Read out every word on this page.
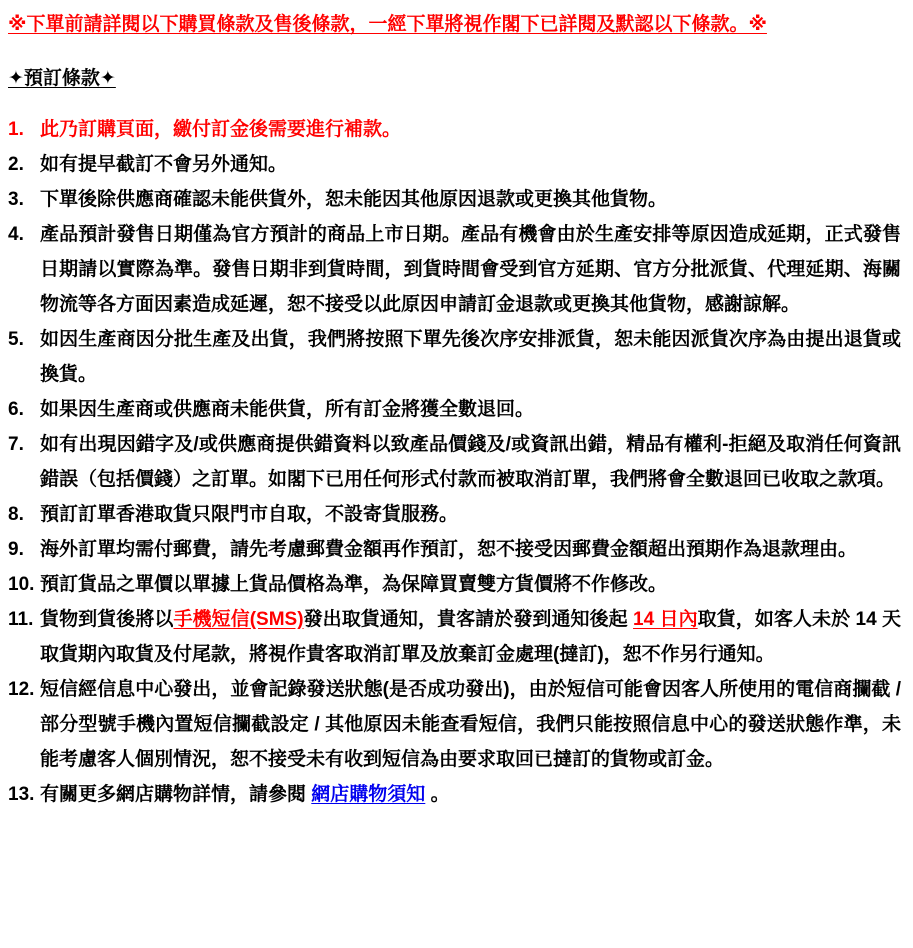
※下單前請詳閱以下購買條款及售後條款，一經下單將視作閣下已詳閱及默認以下條款。※
✦預訂條款✦
1. 此乃訂購頁面，繳付訂金後需要進行補款。
2. 如有提早截訂不會另外通知。
3. 下單後除供應商確認未能供貨外，恕未能因其他原因退款或更換其他貨物。
4. 產品預計發售日期僅為官方預計的商品上市日期。產品有機會由於生產安排等原因造成延期，正式發售日期請以實際為準。發售日期非到貨時間，到貨時間會受到官方延期、官方分批派貨、代理延期、海關物流等各方面因素造成延遲，恕不接受以此原因申請訂金退款或更換其他貨物，感謝諒解。
5. 如因生產商因分批生產及出貨，我們將按照下單先後次序安排派貨，恕未能因派貨次序為由提出退貨或換貨。
6. 如果因生產商或供應商未能供貨，所有訂金將獲全數退回。
7. 如有出現因錯字及/或供應商提供錯資料以致產品價錢及/或資訊出錯，精品有權利-拒絕及取消任何資訊錯誤（包括價錢）之訂單。如閣下已用任何形式付款而被取消訂單，我們將會全數退回已收取之款項。
8. 預訂訂單香港取貨只限門市自取，不設寄貨服務。
9. 海外訂單均需付郵費，請先考慮郵費金額再作預訂，恕不接受因郵費金額超出預期作為退款理由。
10. 預訂貨品之單價以單據上貨品價格為準，為保障買賣雙方貨價將不作修改。
11. 貨物到貨後將以手機短信(SMS)發出取貨通知，貴客請於發到通知後起 14 日內取貨，如客人未於 14 天取貨期內取貨及付尾款，將視作貴客取消訂單及放棄訂金處理(撻訂)，恕不作另行通知。
12. 短信經信息中心發出，並會記錄發送狀態(是否成功發出)，由於短信可能會因客人所使用的電信商攔截 / 部分型號手機內置短信攔截設定 / 其他原因未能查看短信，我們只能按照信息中心的發送狀態作準，未能考慮客人個別情況，恕不接受未有收到短信為由要求取回已撻訂的貨物或訂金。
13. 有關更多網店購物詳情，請參閱 網店購物須知 。
